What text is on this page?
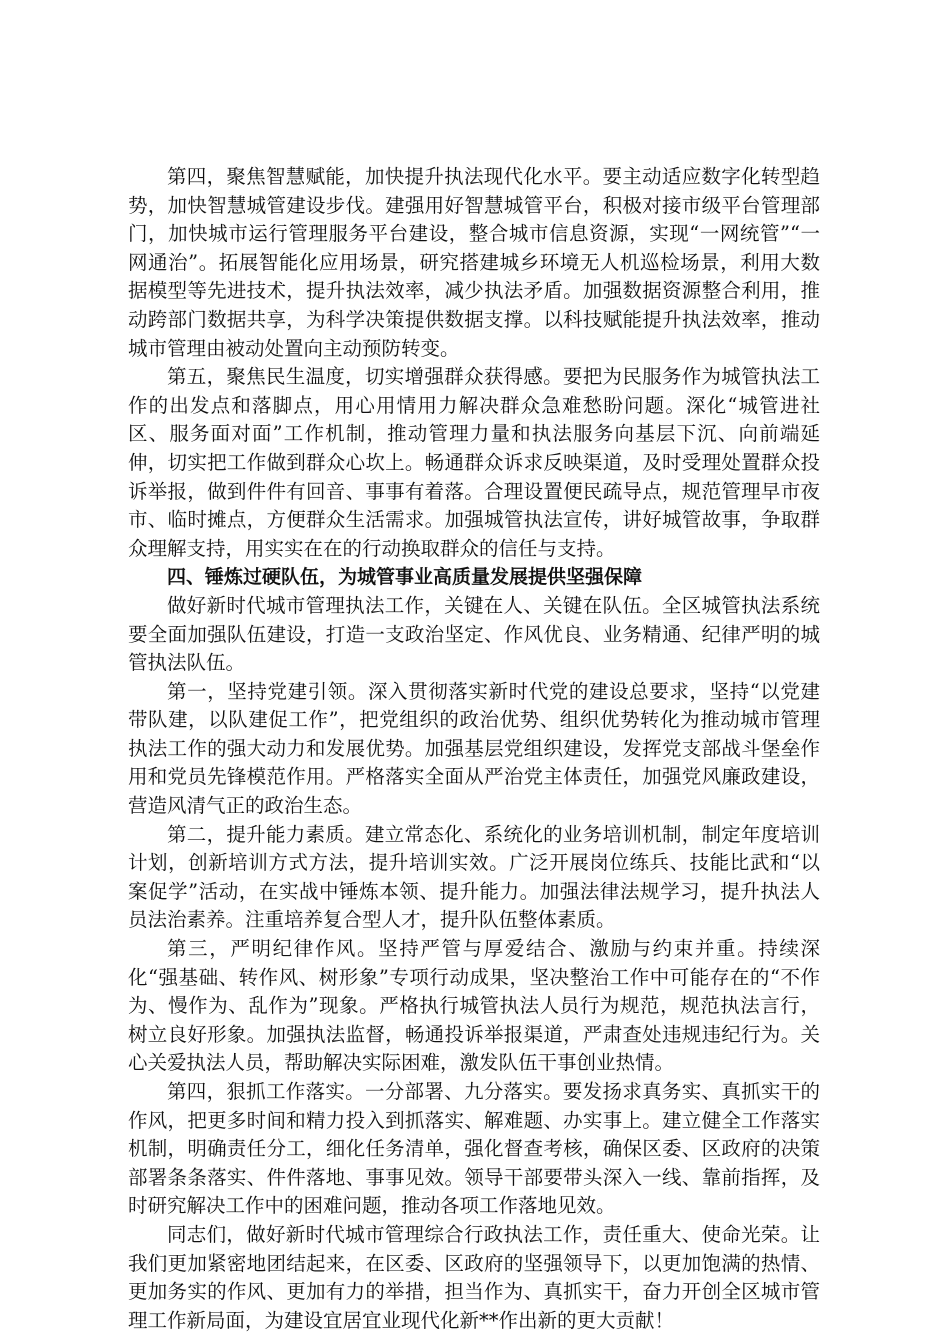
第四，聚焦智慧赋能，加快提升执法现代化水平。要主动适应数字化转型趋势，加快智慧城管建设步伐。建强用好智慧城管平台，积极对接市级平台管理部门，加快城市运行管理服务平台建设，整合城市信息资源，实现“一网统管”“一网通治”。拓展智能化应用场景，研究搭建城乡环境无人机巡检场景，利用大数据模型等先进技术，提升执法效率，减少执法矛盾。加强数据资源整合利用，推动跨部门数据共享，为科学决策提供数据支撑。以科技赋能提升执法效率，推动城市管理由被动处置向主动预防转变。

第五，聚焦民生温度，切实增强群众获得感。要把为民服务作为城管执法工作的出发点和落脚点，用心用情用力解决群众急难愁盼问题。深化“城管进社区、服务面对面”工作机制，推动管理力量和执法服务向基层下沉、向前端延伸，切实把工作做到群众心坎上。畅通群众诉求反映渠道，及时受理处置群众投诉举报，做到件件有回音、事事有着落。合理设置便民疏导点，规范管理早市夜市、临时摊点，方便群众生活需求。加强城管执法宣传，讲好城管故事，争取群众理解支持，用实实在在的行动换取群众的信任与支持。

四、锤炼过硬队伍，为城管事业高质量发展提供坚强保障

做好新时代城市管理执法工作，关键在人、关键在队伍。全区城管执法系统要全面加强队伍建设，打造一支政治坚定、作风优良、业务精通、纪律严明的城管执法队伍。

第一，坚持党建引领。深入贯彻落实新时代党的建设总要求，坚持“以党建带队建，以队建促工作”，把党组织的政治优势、组织优势转化为推动城市管理执法工作的强大动力和发展优势。加强基层党组织建设，发挥党支部战斗堡垒作用和党员先锋模范作用。严格落实全面从严治党主体责任，加强党风廉政建设，营造风清气正的政治生态。

第二，提升能力素质。建立常态化、系统化的业务培训机制，制定年度培训计划，创新培训方式方法，提升培训实效。广泛开展岗位练兵、技能比武和“以案促学”活动，在实战中锤炼本领、提升能力。加强法律法规学习，提升执法人员法治素养。注重培养复合型人才，提升队伍整体素质。

第三，严明纪律作风。坚持严管与厚爱结合、激励与约束并重。持续深化“强基础、转作风、树形象”专项行动成果，坚决整治工作中可能存在的“不作为、慢作为、乱作为”现象。严格执行城管执法人员行为规范，规范执法言行，树立良好形象。加强执法监督，畅通投诉举报渠道，严肃查处违规违纪行为。关心关爱执法人员，帮助解决实际困难，激发队伍干事创业热情。

第四，狠抓工作落实。一分部署、九分落实。要发扬求真务实、真抓实干的作风，把更多时间和精力投入到抓落实、解难题、办实事上。建立健全工作落实机制，明确责任分工，细化任务清单，强化督查考核，确保区委、区政府的决策部署条条落实、件件落地、事事见效。领导干部要带头深入一线、靠前指挥，及时研究解决工作中的困难问题，推动各项工作落地见效。

同志们，做好新时代城市管理综合行政执法工作，责任重大、使命光荣。让我们更加紧密地团结起来，在区委、区政府的坚强领导下，以更加饱满的热情、更加务实的作风、更加有力的举措，担当作为、真抓实干，奋力开创全区城市管理工作新局面，为建设宜居宜业现代化新**作出新的更大贡献！
